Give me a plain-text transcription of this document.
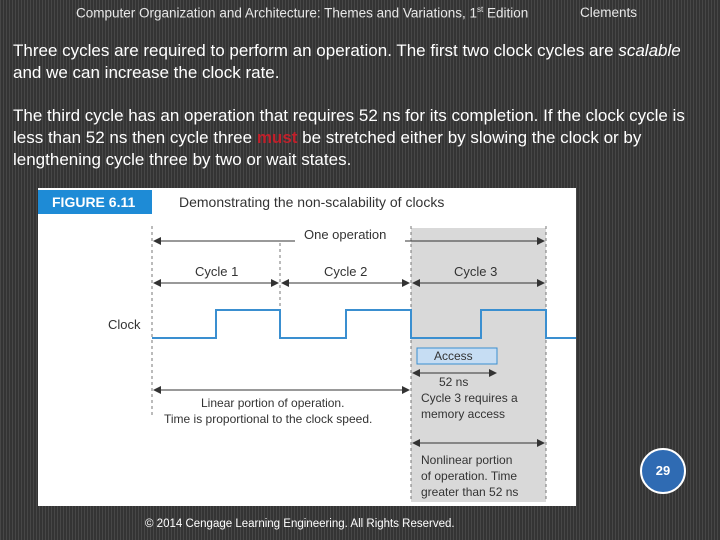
Computer Organization and Architecture: Themes and Variations, 1st Edition	Clements

Three cycles are required to perform an operation. The first two clock cycles are scalable and we can increase the clock rate.

The third cycle has an operation that requires 52 ns for its completion. If the clock cycle is less than 52 ns then cycle three must be stretched either by slowing the clock or by lengthening cycle three by two or wait states.

FIGURE 6.11	Demonstrating the non-scalability of clocks
One operation
Cycle 1	Cycle 2	Cycle 3
Clock
Access
52 ns
Cycle 3 requires a
memory access
Linear portion of operation.
Time is proportional to the clock speed.
Nonlinear portion
of operation. Time
greater than 52 ns
29
© 2014 Cengage Learning Engineering. All Rights Reserved.
